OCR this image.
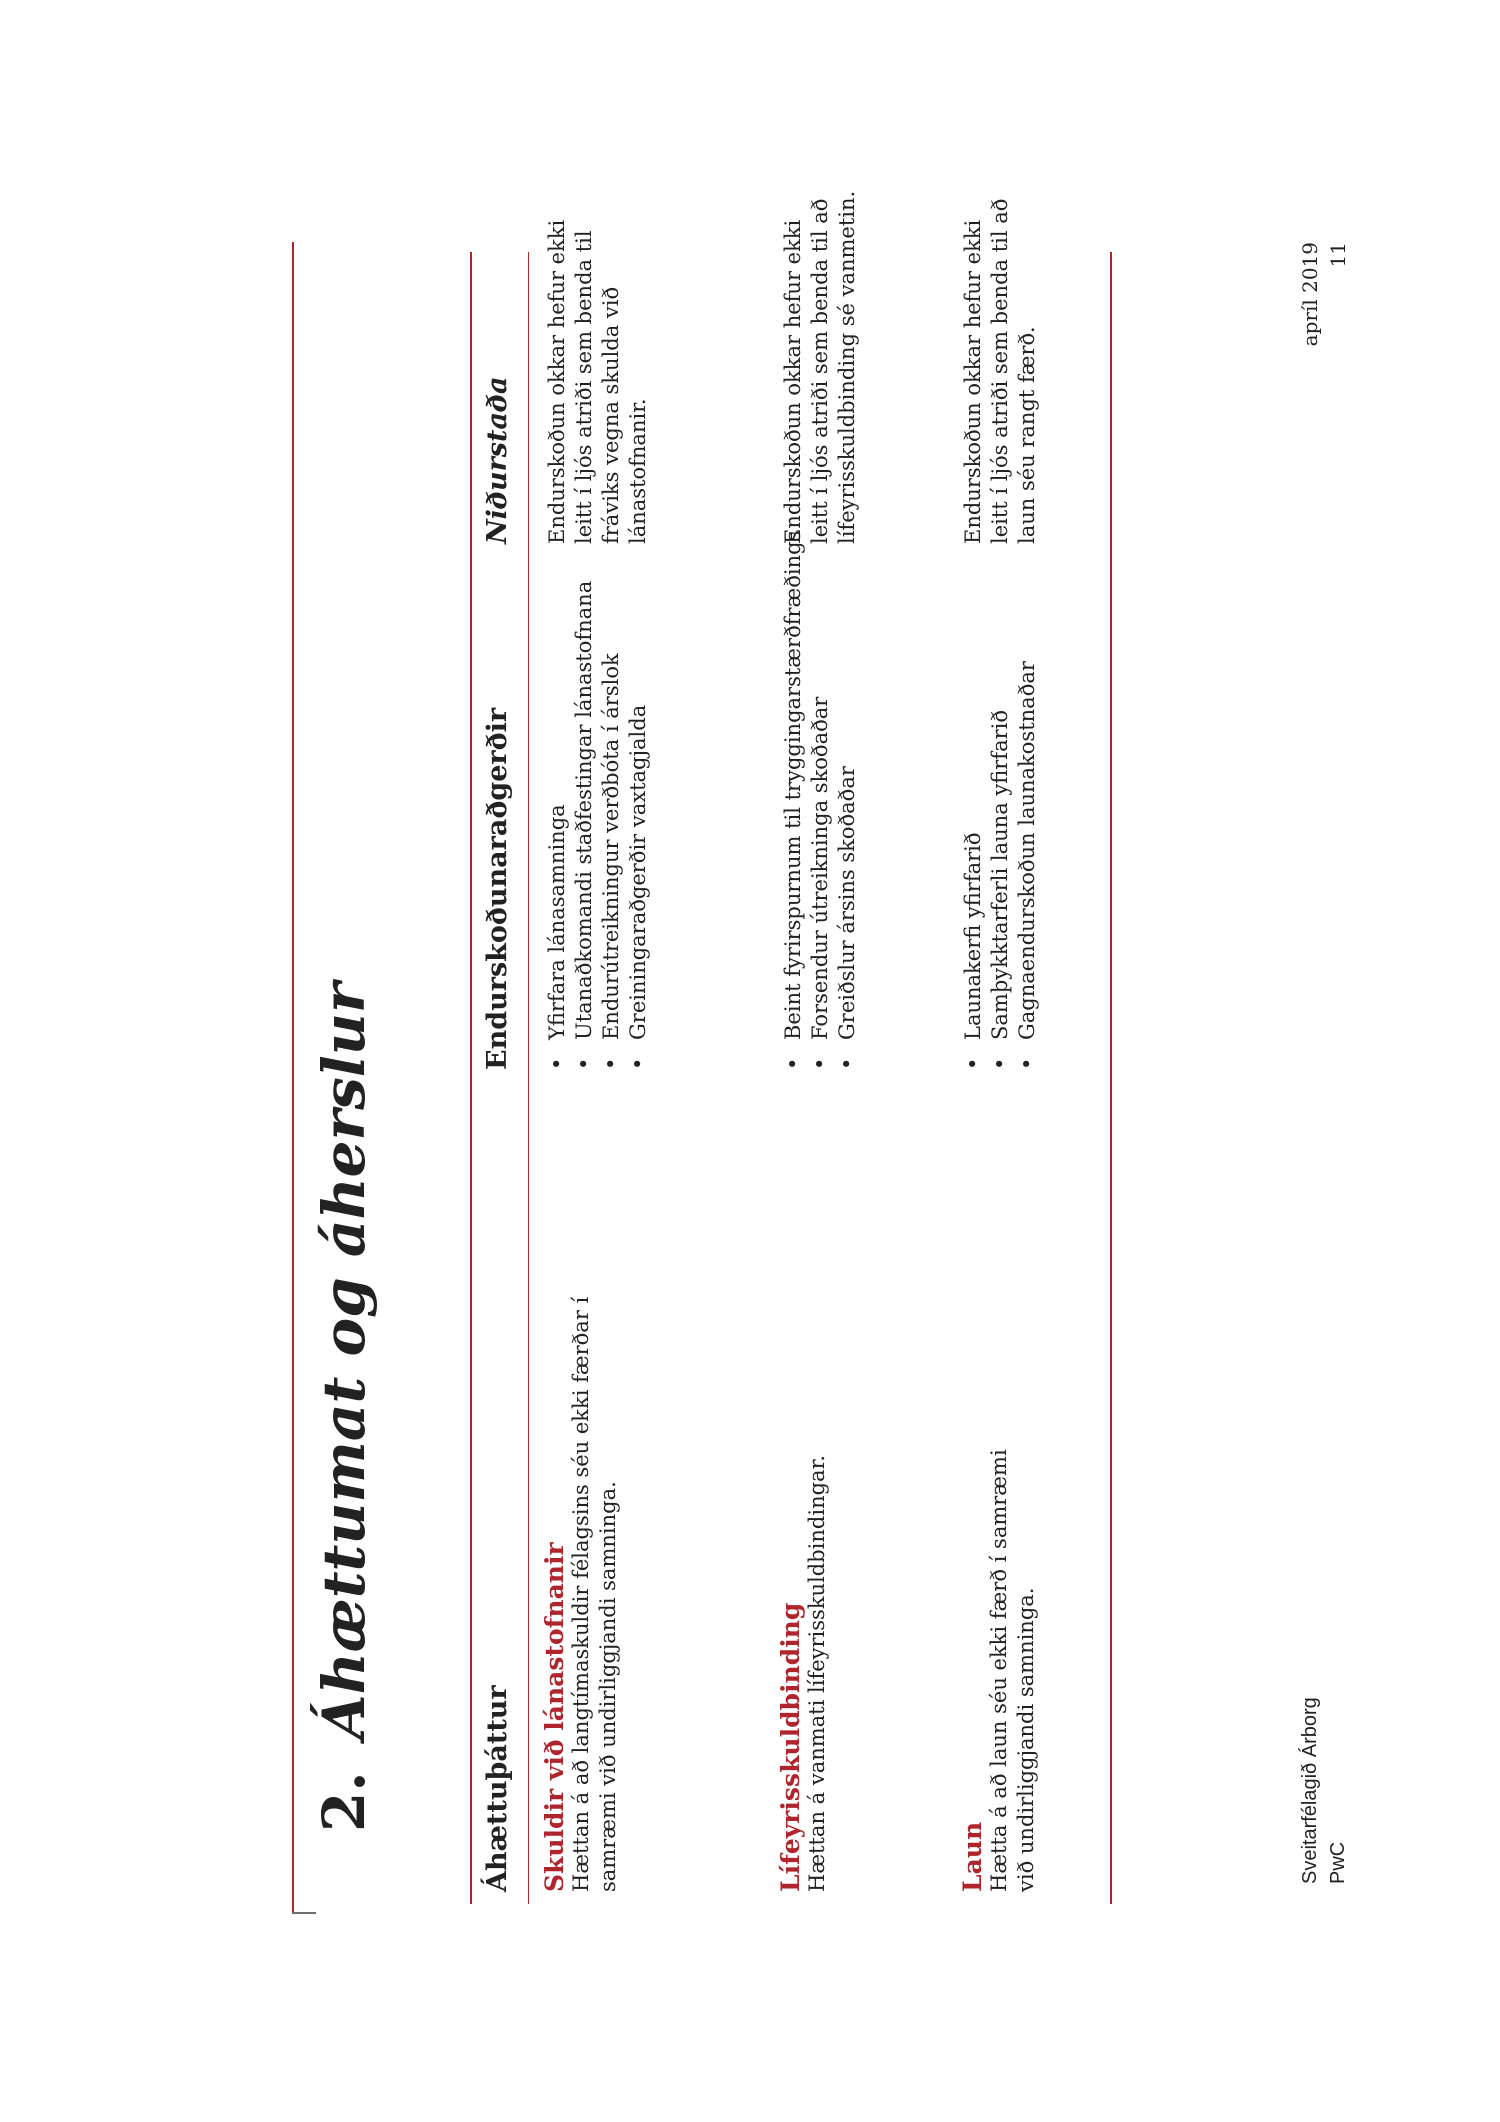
2.Áhættumat og áherslur
Áhættuþáttur
Endurskoðunaraðgerðir
Niðurstaða
Skuldir við lánastofnanir Hættan á að langtímaskuldir félagsins séu ekki færðar í samræmi við undirliggjandi samninga.
•
Yfirfara lánasamninga
•
Utanaðkomandi staðfestingar lánastofnana
•
Endurútreikningur verðbóta í árslok
•
Greiningaraðgerðir vaxtagjalda
Endurskoðun okkar hefur ekki leitt í ljós atriði sem benda til fráviks vegna skulda við lánastofnanir.
Lífeyrisskuldbinding Hættan á vanmati lífeyrisskuldbindingar.
•
Beint fyrirspurnum til tryggingarstærðfræðings
•
Forsendur útreikninga skoðaðar
•
Greiðslur ársins skoðaðar
Endurskoðun okkar hefur ekki leitt í ljós atriði sem benda til að lífeyrisskuldbinding sé vanmetin.
Laun Hætta á að laun séu ekki færð í samræmi við undirliggjandi samninga.
•
Launakerfi yfirfarið
•
Samþykktarferli launa yfirfarið
•
Gagnaendurskoðun launakostnaðar
Endurskoðun okkar hefur ekki leitt í ljós atriði sem benda til að laun séu rangt færð.
Sveitarfélagið Árborg PwC
apríl 2019 11
